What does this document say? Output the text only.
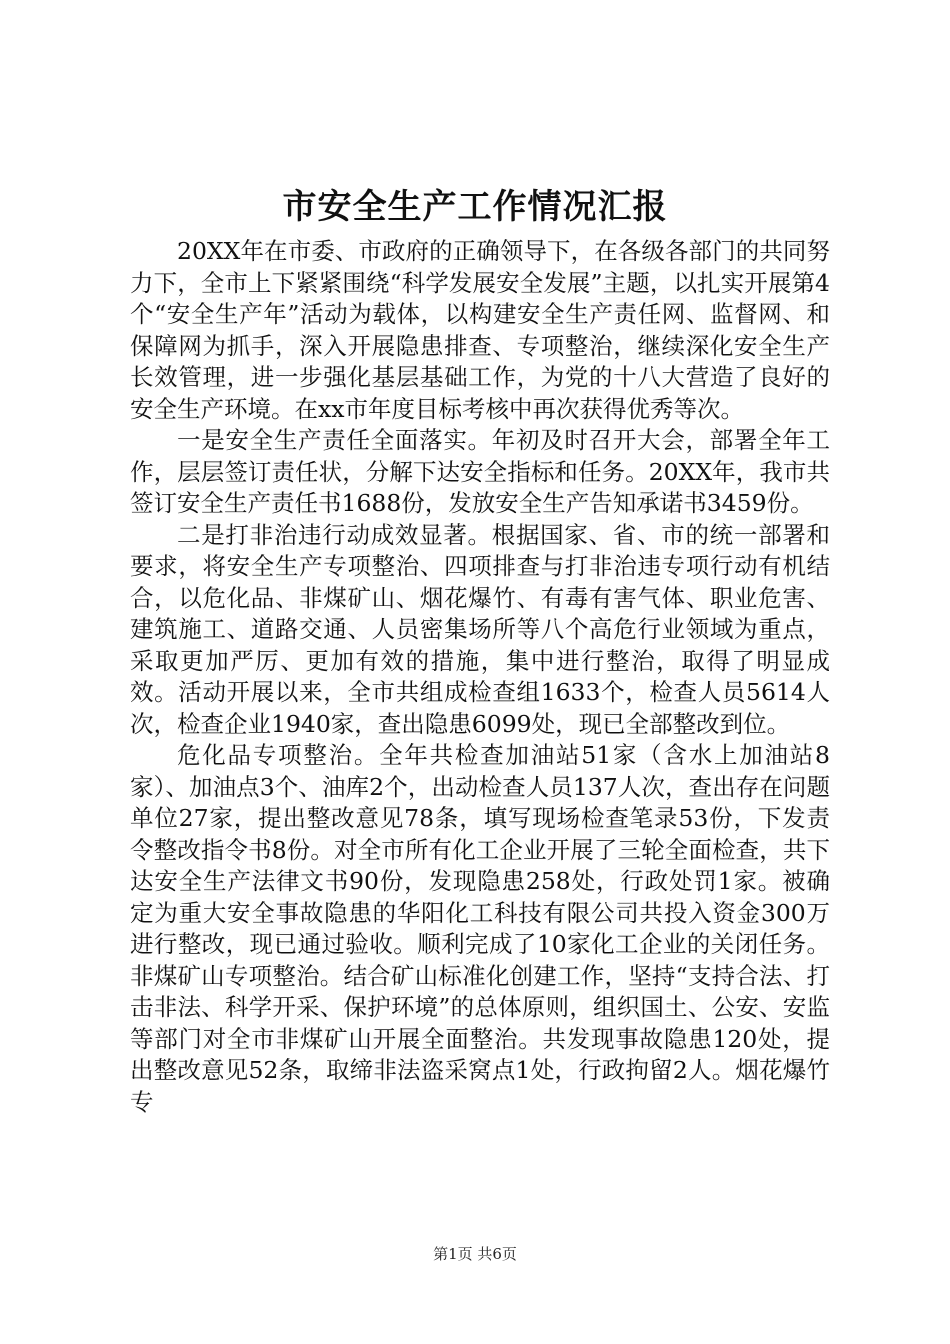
市安全生产工作情况汇报

20XX年在市委、市政府的正确领导下，在各级各部门的共同努力下，全市上下紧紧围绕“科学发展安全发展”主题，以扎实开展第4个“安全生产年”活动为载体，以构建安全生产责任网、监督网、和保障网为抓手，深入开展隐患排查、专项整治，继续深化安全生产长效管理，进一步强化基层基础工作，为党的十八大营造了良好的安全生产环境。在xx市年度目标考核中再次获得优秀等次。

一是安全生产责任全面落实。年初及时召开大会，部署全年工作，层层签订责任状，分解下达安全指标和任务。20XX年，我市共签订安全生产责任书1688份，发放安全生产告知承诺书3459份。

二是打非治违行动成效显著。根据国家、省、市的统一部署和要求，将安全生产专项整治、四项排查与打非治违专项行动有机结合，以危化品、非煤矿山、烟花爆竹、有毒有害气体、职业危害、建筑施工、道路交通、人员密集场所等八个高危行业领域为重点，采取更加严厉、更加有效的措施，集中进行整治，取得了明显成效。活动开展以来，全市共组成检查组1633个，检查人员5614人次，检查企业1940家，查出隐患6099处，现已全部整改到位。

危化品专项整治。全年共检查加油站51家（含水上加油站8家）、加油点3个、油库2个，出动检查人员137人次，查出存在问题单位27家，提出整改意见78条，填写现场检查笔录53份，下发责令整改指令书8份。对全市所有化工企业开展了三轮全面检查，共下达安全生产法律文书90份，发现隐患258处，行政处罚1家。被确定为重大安全事故隐患的华阳化工科技有限公司共投入资金300万进行整改，现已通过验收。顺利完成了10家化工企业的关闭任务。非煤矿山专项整治。结合矿山标准化创建工作，坚持“支持合法、打击非法、科学开采、保护环境”的总体原则，组织国土、公安、安监等部门对全市非煤矿山开展全面整治。共发现事故隐患120处，提出整改意见52条，取缔非法盗采窝点1处，行政拘留2人。烟花爆竹专

第1页 共6页
